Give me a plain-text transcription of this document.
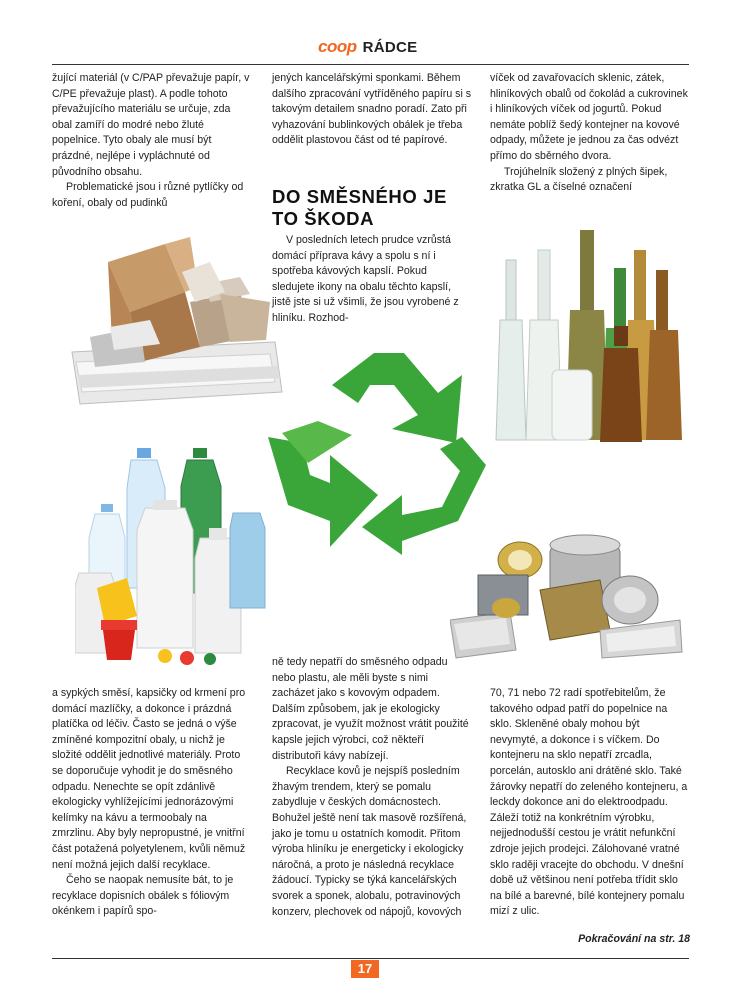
coop RÁDCE

žující materiál (v C/PAP převažuje papír, v C/PE převažuje plast). A podle tohoto převažujícího materiálu se určuje, zda obal zamíří do modré nebo žluté popelnice. Tyto obaly ale musí být prázdné, nejlépe i vypláchnuté od původního obsahu.

Problematické jsou i různé pytlíčky od koření, obaly od pudinků

jených kancelářskými sponkami. Během dalšího zpracování vytříděného papíru si s takovým detailem snadno poradí. Zato při vyhazování bublinkových obálek je třeba oddělit plastovou část od té papírové.

DO SMĚSNÉHO JE TO ŠKODA

V posledních letech prudce vzrůstá domácí příprava kávy a spolu s ní i spotřeba kávových kapslí. Pokud sledujete ikony na obalu těchto kapslí, jistě jste si už všimli, že jsou vyrobené z hliníku. Rozhod-

víček od zavařovacích sklenic, zátek, hliníkových obalů od čokolád a cukrovinek i hliníkových víček od jogurtů. Pokud nemáte poblíž šedý kontejner na kovové odpady, můžete je jednou za čas odvézt přímo do sběrného dvora.

Trojúhelník složený z plných šipek, zkratka GL a číselné označení

a sypkých směsí, kapsičky od krmení pro domácí mazlíčky, a dokonce i prázdná platíčka od léčiv. Často se jedná o výše zmíněné kompozitní obaly, u nichž je složité oddělit jednotlivé materiály. Proto se doporučuje vyhodit je do směsného odpadu. Nenechte se opít zdánlivě ekologicky vyhlížejícími jednorázovými kelímky na kávu a termoobaly na zmrzlinu. Aby byly nepropustné, je vnitřní část potažená polyetylenem, kvůli němuž není možná jejich další recyklace.

Čeho se naopak nemusíte bát, to je recyklace dopisních obálek s fóliovým okénkem i papírů spo-

ně tedy nepatří do směsného odpadu nebo plastu, ale měli byste s nimi zacházet jako s kovovým odpadem. Dalším způsobem, jak je ekologicky zpracovat, je využít možnost vrátit použité kapsle jejich výrobci, což někteří distributoři kávy nabízejí.

Recyklace kovů je nejspíš posledním žhavým trendem, který se pomalu zabydluje v českých domácnostech. Bohužel ještě není tak masově rozšířená, jako je tomu u ostatních komodit. Přitom výroba hliníku je energeticky i ekologicky náročná, a proto je následná recyklace žádoucí. Typicky se týká kancelářských svorek a sponek, alobalu, potravinových konzerv, plechovek od nápojů, kovových

70, 71 nebo 72 radí spotřebitelům, že takového odpad patří do popelnice na sklo. Skleněné obaly mohou být nevymyté, a dokonce i s víčkem. Do kontejneru na sklo nepatří zrcadla, porcelán, autosklo ani drátěné sklo. Také žárovky nepatří do zeleného kontejneru, a leckdy dokonce ani do elektroodpadu. Záleží totiž na konkrétním výrobku, nejjednodušší cestou je vrátit nefunkční zdroje jejich prodejci. Zálohované vratné sklo raději vracejte do obchodu. V dnešní době už většinou není potřeba třídit sklo na bílé a barevné, bílé kontejnery pomalu mizí z ulic.

Pokračování na str. 18
17
